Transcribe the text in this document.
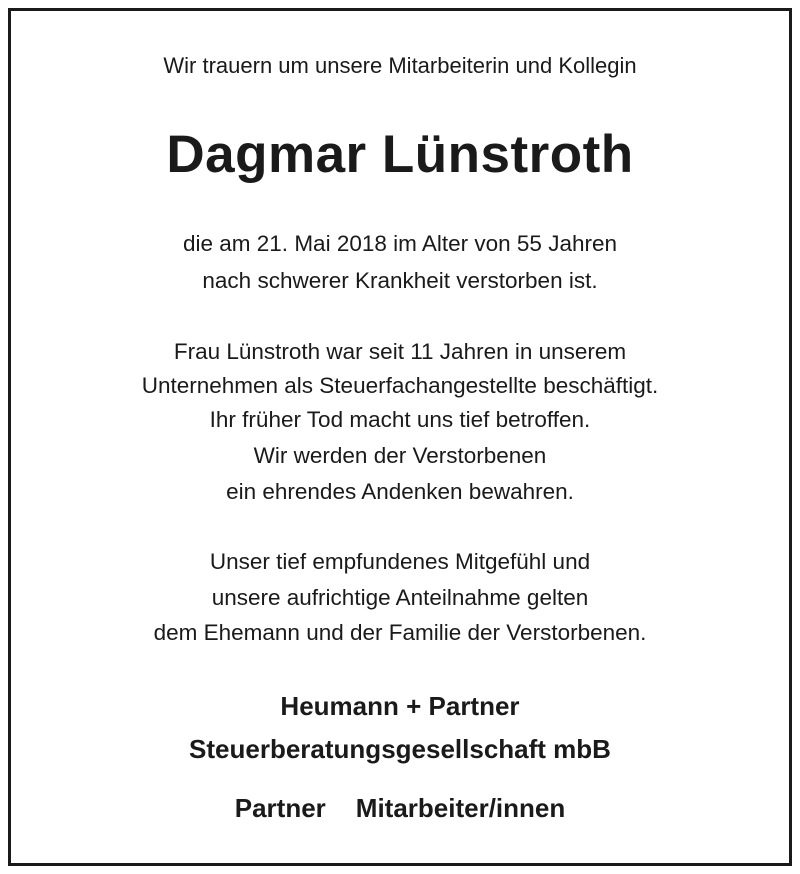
Wir trauern um unsere Mitarbeiterin und Kollegin

Dagmar Lünstroth

die am 21. Mai 2018 im Alter von 55 Jahren

nach schwerer Krankheit verstorben ist.

Frau Lünstroth war seit 11 Jahren in unserem

Unternehmen als Steuerfachangestellte beschäftigt.

Ihr früher Tod macht uns tief betroffen.

Wir werden der Verstorbenen

ein ehrendes Andenken bewahren.

Unser tief empfundenes Mitgefühl und

unsere aufrichtige Anteilnahme gelten

dem Ehemann und der Familie der Verstorbenen.

Heumann + Partner

Steuerberatungsgesellschaft mbB

Partner Mitarbeiter/innen
